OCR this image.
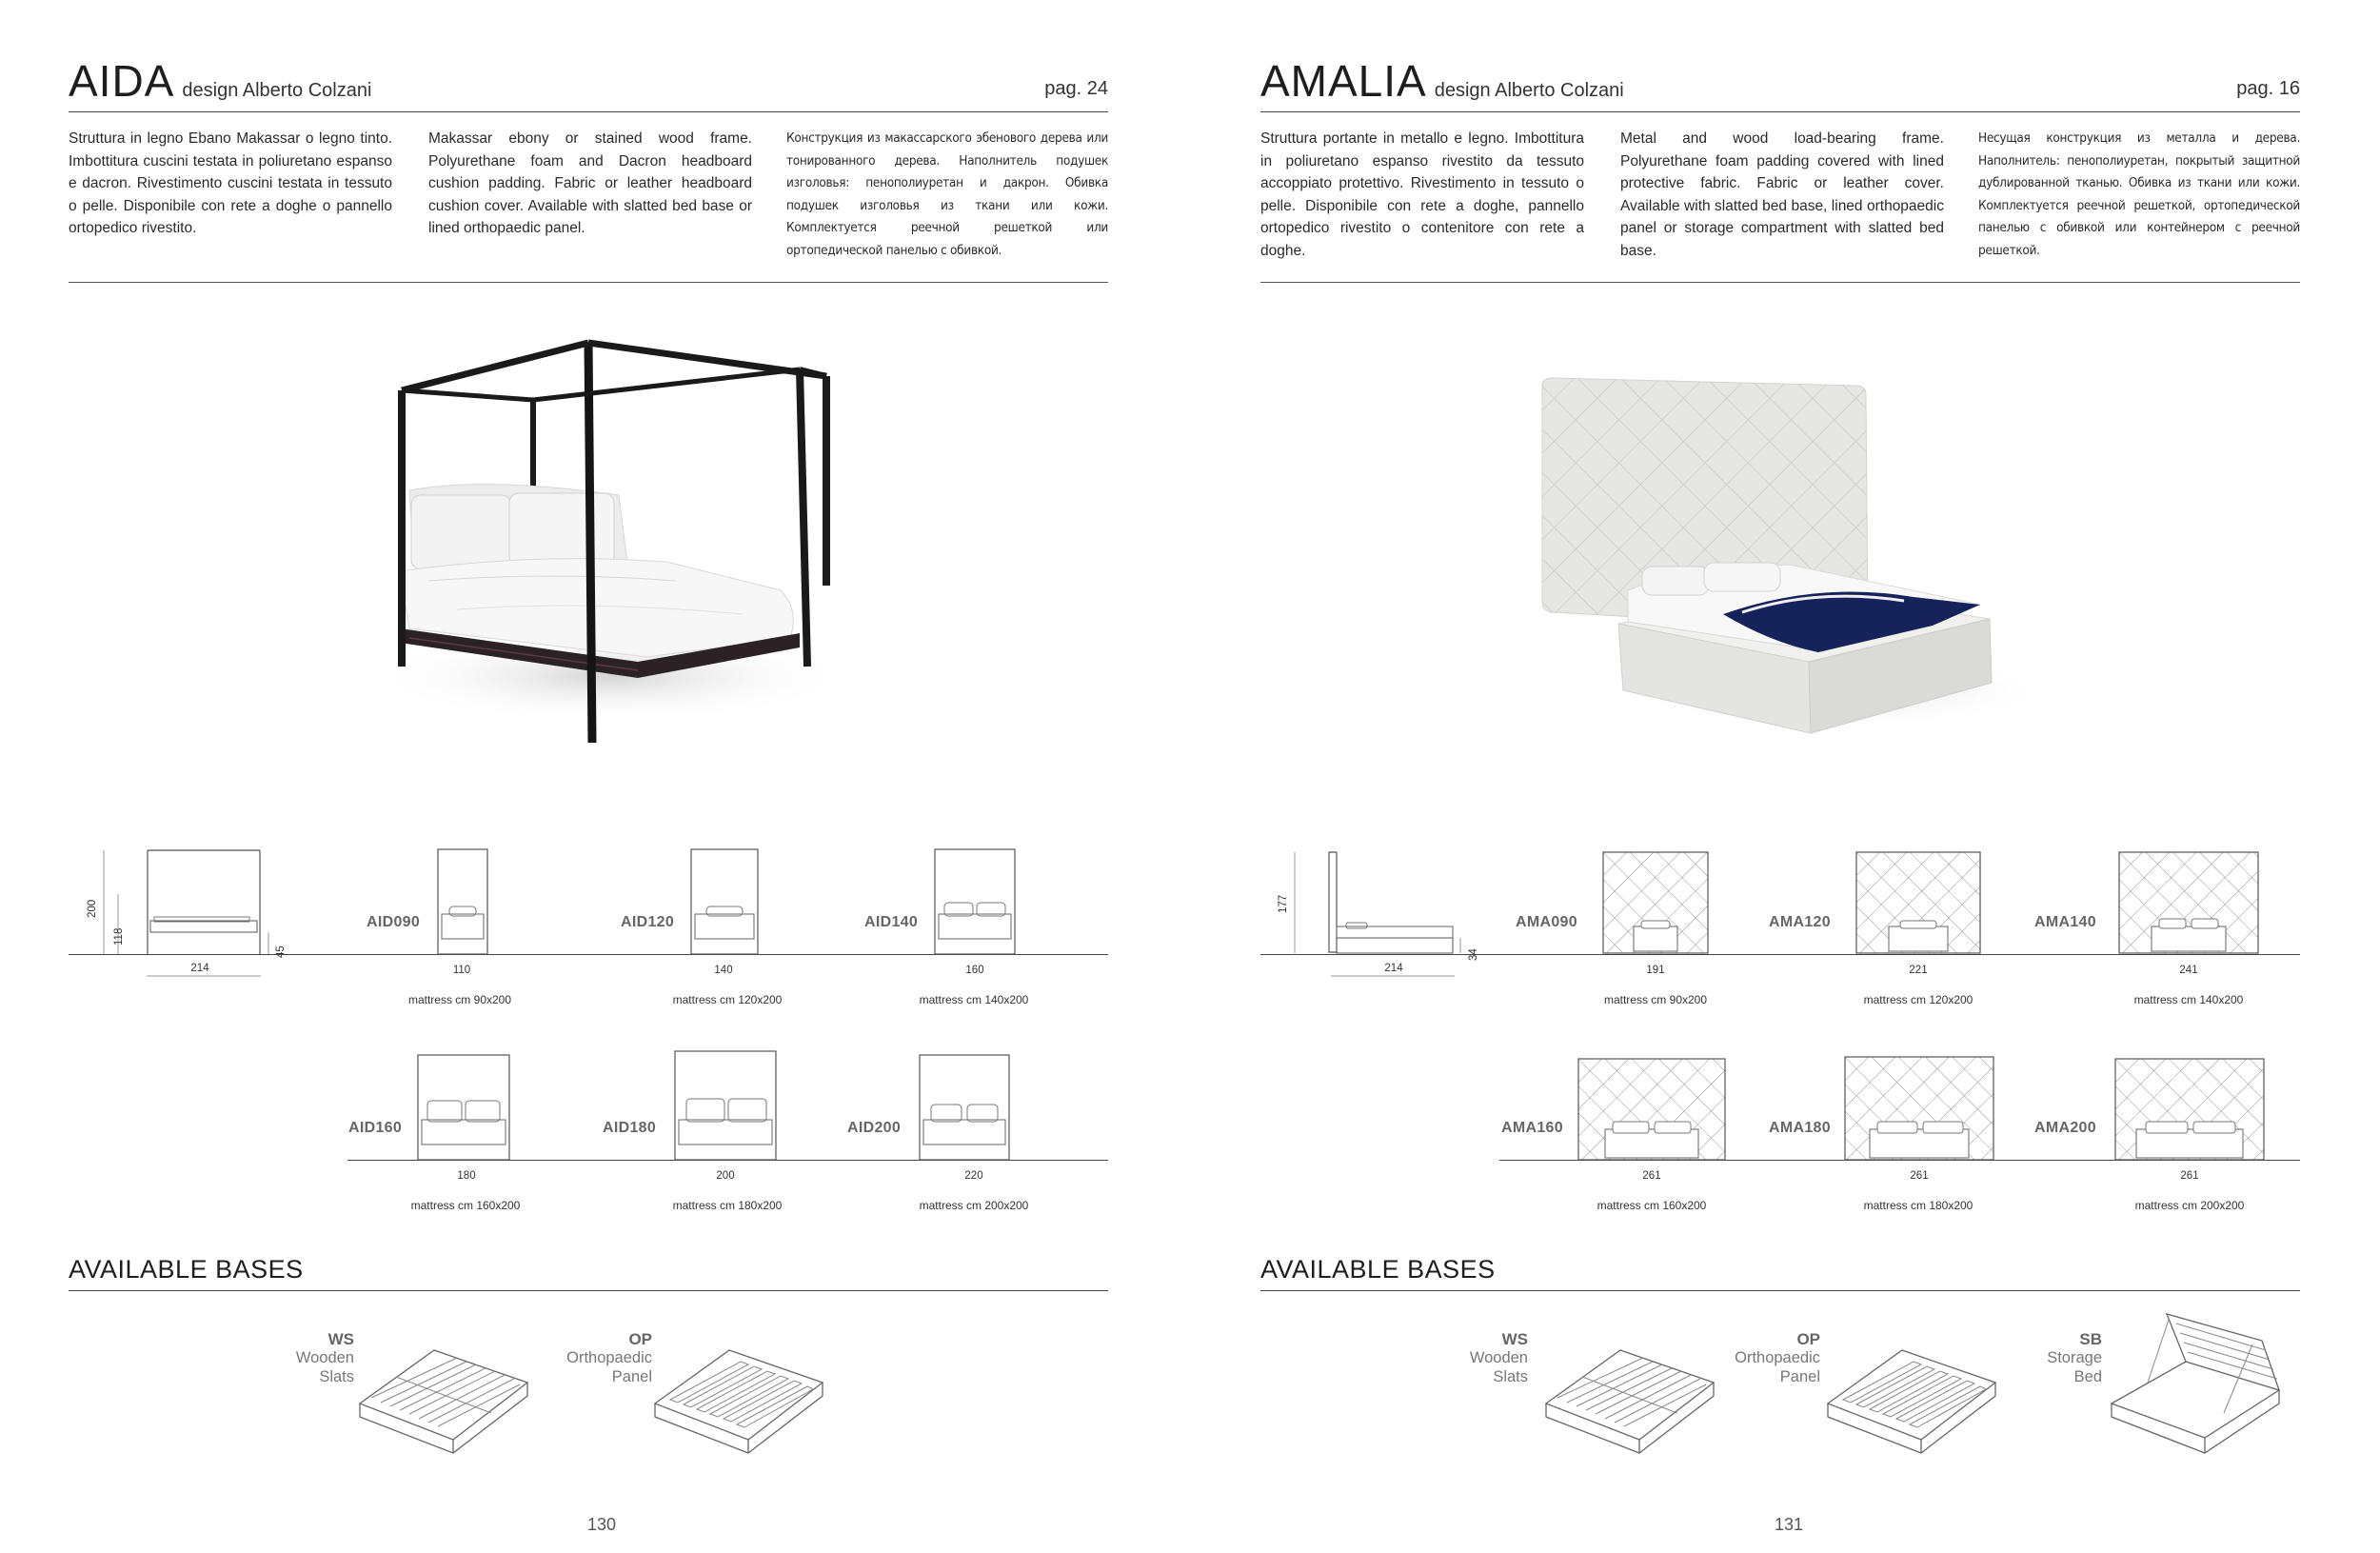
AIDA design Alberto Colzani	pag. 24
Struttura in legno Ebano Makassar o legno tinto. Imbottitura cuscini testata in poliuretano espanso e dacron. Rivestimento cuscini testata in tessuto o pelle. Disponibile con rete a doghe o pannello ortopedico rivestito.
Makassar ebony or stained wood frame. Polyurethane foam and Dacron headboard cushion padding. Fabric or leather headboard cushion cover. Available with slatted bed base or lined orthopaedic panel.
Конструкция из макассарского эбенового дерева или тонированного дерева. Наполнитель подушек изголовья: пенополиуретан и дакрон. Обивка подушек изголовья из ткани или кожи. Комплектуется реечной решеткой или ортопедической панелью с обивкой.
214
200
118
45
AID090
110
mattress cm 90x200
AID120
140
mattress cm 120x200
AID140
160
mattress cm 140x200
AID160
180
mattress cm 160x200
AID180
200
mattress cm 180x200
AID200
220
mattress cm 200x200
AVAILABLE BASES
WS
Wooden
Slats
OP
Orthopaedic
Panel
130
AMALIA design Alberto Colzani	pag. 16
Struttura portante in metallo e legno. Imbottitura in poliuretano espanso rivestito da tessuto accoppiato protettivo. Rivestimento in tessuto o pelle. Disponibile con rete a doghe, pannello ortopedico rivestito o contenitore con rete a doghe.
Metal and wood load-bearing frame. Polyurethane foam padding covered with lined protective fabric. Fabric or leather cover. Available with slatted bed base, lined orthopaedic panel or storage compartment with slatted bed base.
Несущая конструкция из металла и дерева. Наполнитель: пенополиуретан, покрытый защитной дублированной тканью. Обивка из ткани или кожи. Комплектуется реечной решеткой, ортопедической панелью с обивкой или контейнером с реечной решеткой.
214
177
34
AMA090
191
mattress cm 90x200
AMA120
221
mattress cm 120x200
AMA140
241
mattress cm 140x200
AMA160
261
mattress cm 160x200
AMA180
261
mattress cm 180x200
AMA200
261
mattress cm 200x200
AVAILABLE BASES
WS
Wooden
Slats
OP
Orthopaedic
Panel
SB
Storage
Bed
131
